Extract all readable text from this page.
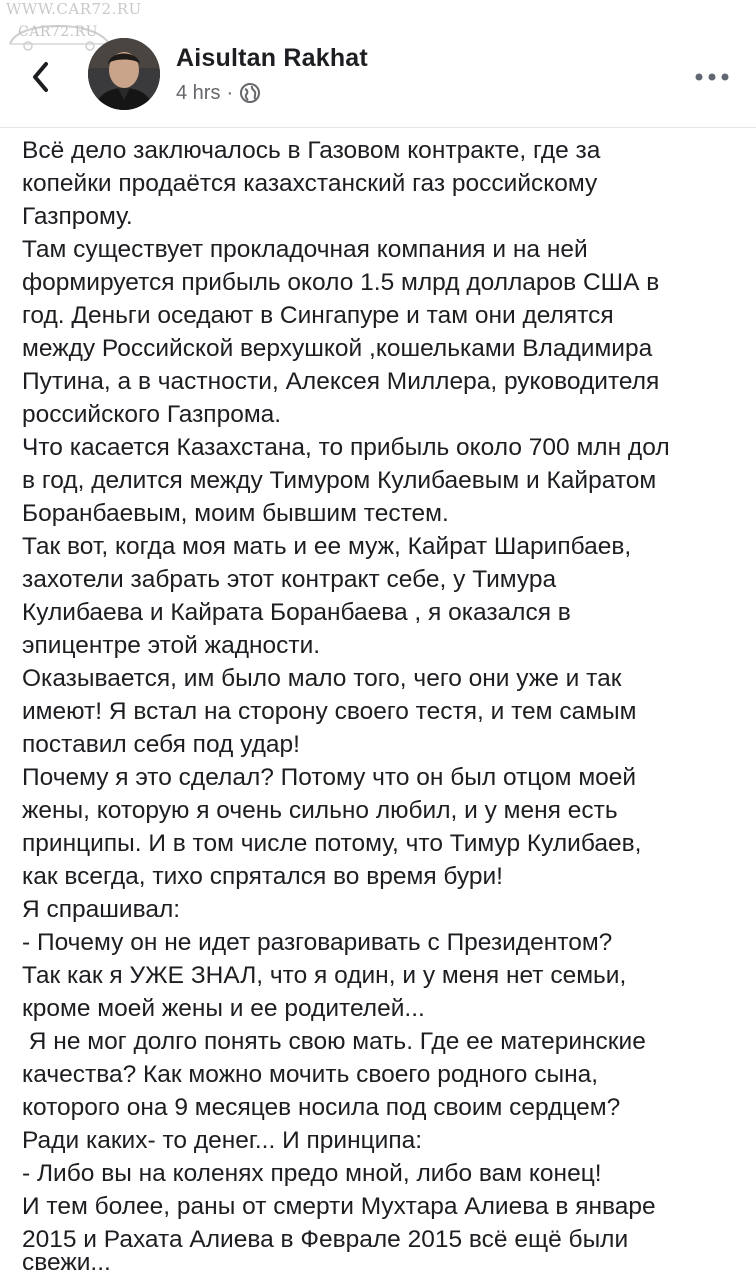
WWW.CAR72.RU
CAR72.RU
Aisultan Rakhat
4 hrs ·
Всё дело заключалось в Газовом контракте, где за
копейки продаётся казахстанский газ российскому
Газпрому.
Там существует прокладочная компания и на ней
формируется прибыль около 1.5 млрд долларов США в
год. Деньги оседают в Сингапуре и там они делятся
между Российской верхушкой ,кошельками Владимира
Путина, а в частности, Алексея Миллера, руководителя
российского Газпрома.
Что касается Казахстана, то прибыль около 700 млн дол
в год, делится между Тимуром Кулибаевым и Кайратом
Боранбаевым, моим бывшим тестем.
Так вот, когда моя мать и ее муж, Кайрат Шарипбаев,
захотели забрать этот контракт себе, у Тимура
Кулибаева и Кайрата Боранбаева , я оказался в
эпицентре этой жадности.
Оказывается, им было мало того, чего они уже и так
имеют! Я встал на сторону своего тестя, и тем самым
поставил себя под удар!
Почему я это сделал? Потому что он был отцом моей
жены, которую я очень сильно любил, и у меня есть
принципы. И в том числе потому, что Тимур Кулибаев,
как всегда, тихо спрятался во время бури!
Я спрашивал:
- Почему он не идет разговаривать с Президентом?
Так как я УЖЕ ЗНАЛ, что я один, и у меня нет семьи,
кроме моей жены и ее родителей...
Я не мог долго понять свою мать. Где ее материнские
качества? Как можно мочить своего родного сына,
которого она 9 месяцев носила под своим сердцем?
Ради каких- то денег... И принципа:
- Либо вы на коленях предо мной, либо вам конец!
И тем более, раны от смерти Мухтара Алиева в январе
2015 и Рахата Алиева в Феврале 2015 всё ещё были
свежи...
